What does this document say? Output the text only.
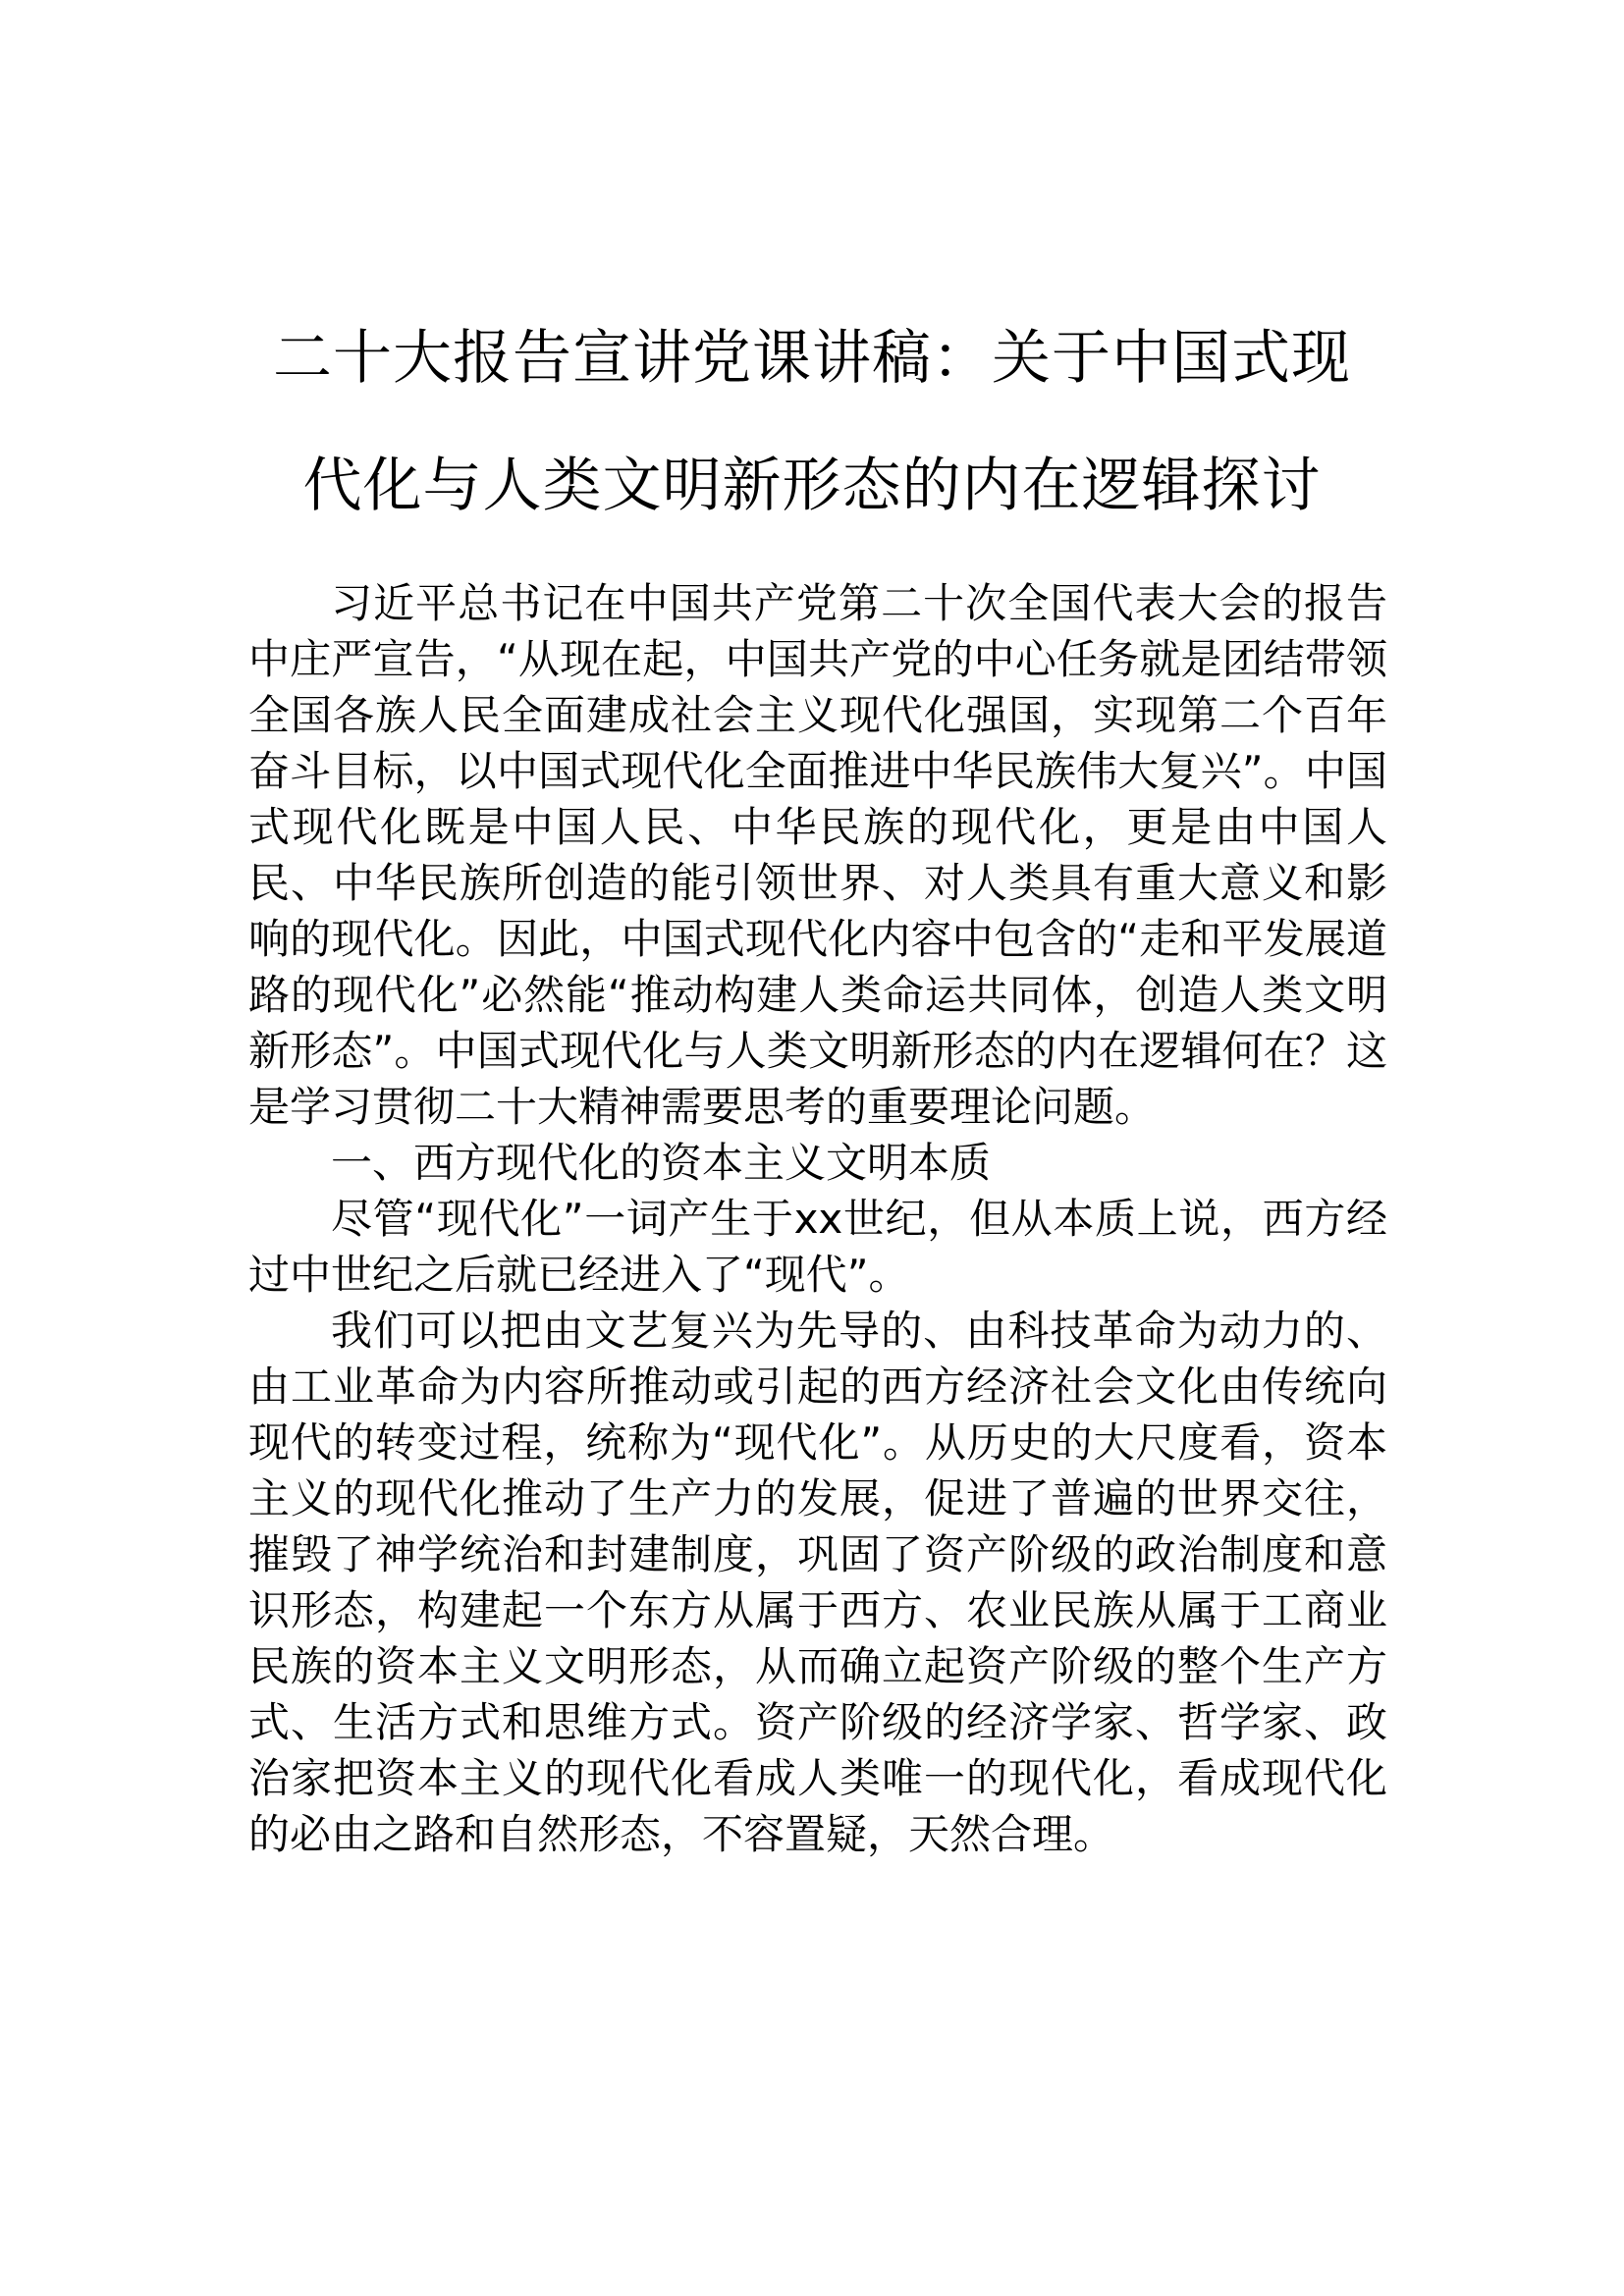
二十大报告宣讲党课讲稿：关于中国式现
代化与人类文明新形态的内在逻辑探讨

习近平总书记在中国共产党第二十次全国代表大会的报告中庄严宣告，“从现在起，中国共产党的中心任务就是团结带领全国各族人民全面建成社会主义现代化强国，实现第二个百年奋斗目标，以中国式现代化全面推进中华民族伟大复兴”。中国式现代化既是中国人民、中华民族的现代化，更是由中国人民、中华民族所创造的能引领世界、对人类具有重大意义和影响的现代化。因此，中国式现代化内容中包含的“走和平发展道路的现代化”必然能“推动构建人类命运共同体，创造人类文明新形态”。中国式现代化与人类文明新形态的内在逻辑何在？这是学习贯彻二十大精神需要思考的重要理论问题。

一、西方现代化的资本主义文明本质

尽管“现代化”一词产生于xx世纪，但从本质上说，西方经过中世纪之后就已经进入了“现代”。

我们可以把由文艺复兴为先导的、由科技革命为动力的、由工业革命为内容所推动或引起的西方经济社会文化由传统向现代的转变过程，统称为“现代化”。从历史的大尺度看，资本主义的现代化推动了生产力的发展，促进了普遍的世界交往，摧毁了神学统治和封建制度，巩固了资产阶级的政治制度和意识形态，构建起一个东方从属于西方、农业民族从属于工商业民族的资本主义文明形态，从而确立起资产阶级的整个生产方式、生活方式和思维方式。资产阶级的经济学家、哲学家、政治家把资本主义的现代化看成人类唯一的现代化，看成现代化的必由之路和自然形态，不容置疑，天然合理。
